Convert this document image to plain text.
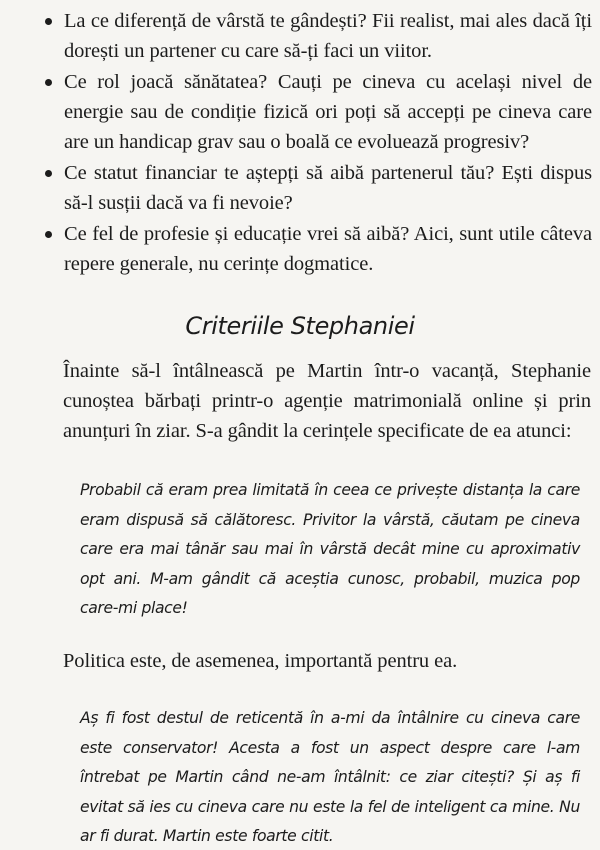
La ce diferență de vârstă te gândești? Fii realist, mai ales dacă îți dorești un partener cu care să-ți faci un viitor.
Ce rol joacă sănătatea? Cauți pe cineva cu același nivel de energie sau de condiție fizică ori poți să accepți pe cineva care are un handicap grav sau o boală ce evoluează progresiv?
Ce statut financiar te aștepți să aibă partenerul tău? Ești dispus să-l susții dacă va fi nevoie?
Ce fel de profesie și educație vrei să aibă? Aici, sunt utile câteva repere generale, nu cerințe dogmatice.
Criteriile Stephaniei

Înainte să-l întâlnească pe Martin într-o vacanță, Stephanie cunoștea bărbați printr-o agenție matrimonială online și prin anunțuri în ziar. S-a gândit la cerințele specificate de ea atunci:

Probabil că eram prea limitată în ceea ce privește distanța la care eram dispusă să călătoresc. Privitor la vârstă, căutam pe cineva care era mai tânăr sau mai în vârstă decât mine cu aproximativ opt ani. M-am gândit că aceștia cunosc, probabil, muzica pop care-mi place!

Politica este, de asemenea, importantă pentru ea.

Aș fi fost destul de reticentă în a-mi da întâlnire cu cineva care este conservator! Acesta a fost un aspect despre care l-am întrebat pe Martin când ne-am întâlnit: ce ziar citești? Și aș fi evitat să ies cu cineva care nu este la fel de inteligent ca mine. Nu ar fi durat. Martin este foarte citit.
